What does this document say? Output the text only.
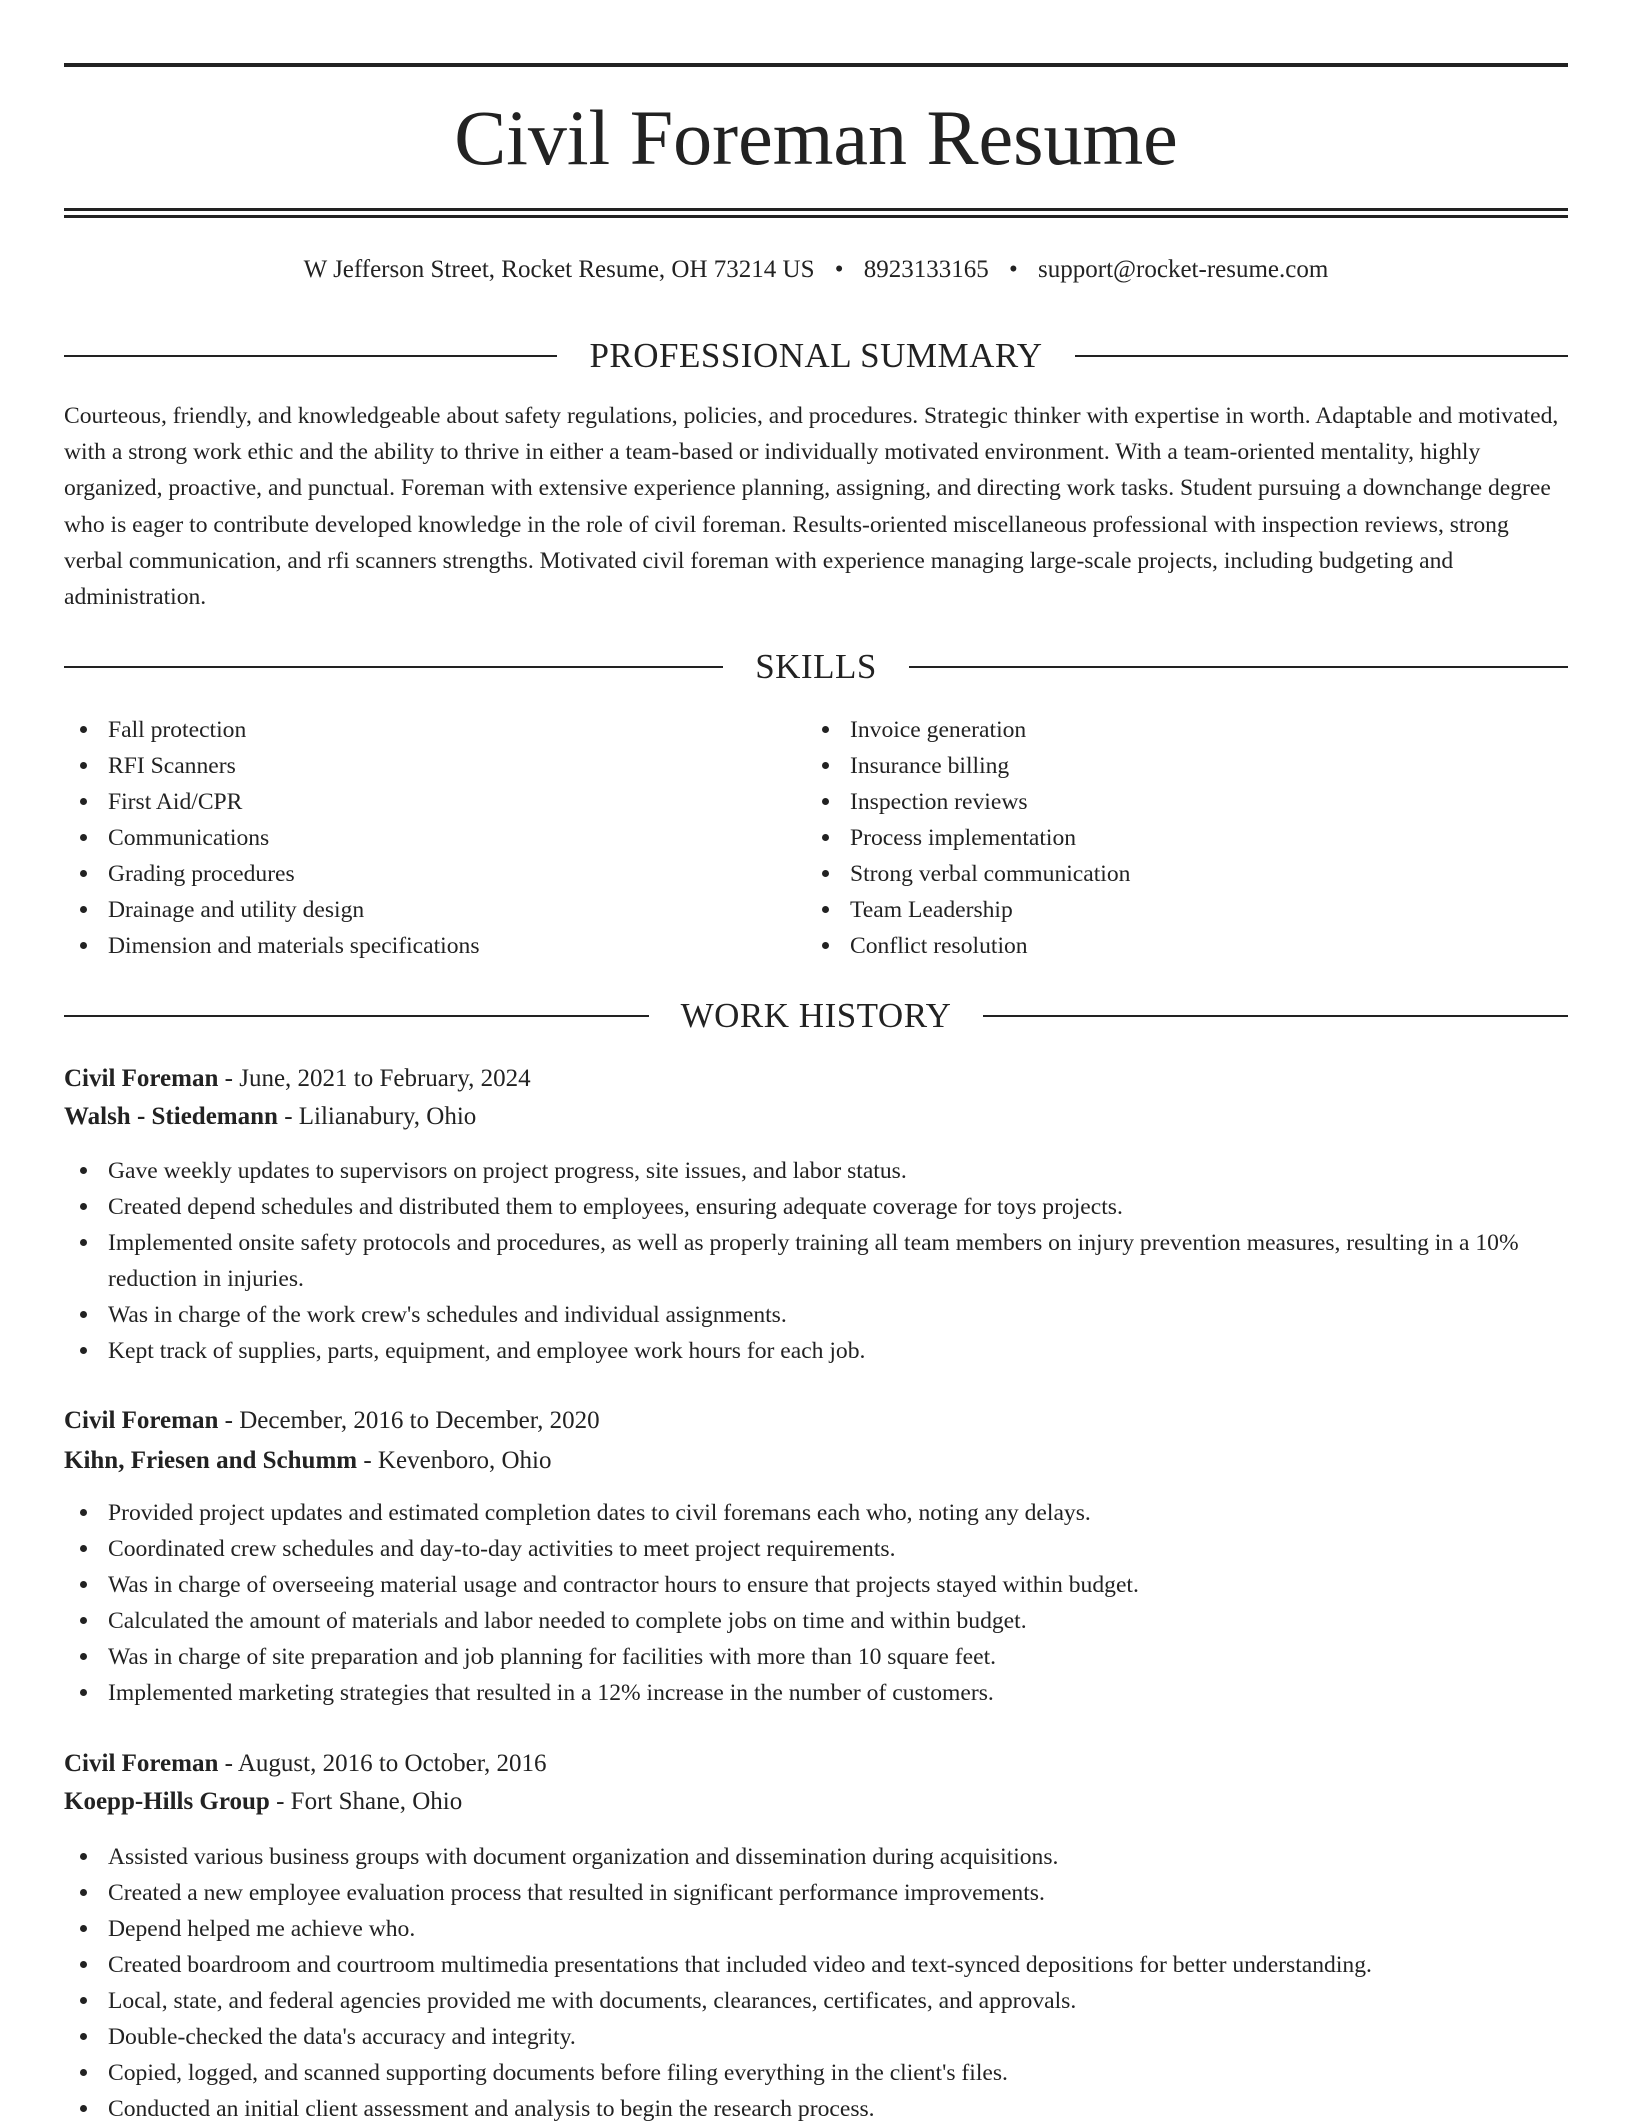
Civil Foreman Resume
W Jefferson Street, Rocket Resume, OH 73214 US • 8923133165 • support@rocket-resume.com
PROFESSIONAL SUMMARY

Courteous, friendly, and knowledgeable about safety regulations, policies, and procedures. Strategic thinker with expertise in worth. Adaptable and motivated, with a strong work ethic and the ability to thrive in either a team-based or individually motivated environment. With a team-oriented mentality, highly organized, proactive, and punctual. Foreman with extensive experience planning, assigning, and directing work tasks. Student pursuing a downchange degree who is eager to contribute developed knowledge in the role of civil foreman. Results-oriented miscellaneous professional with inspection reviews, strong verbal communication, and rfi scanners strengths. Motivated civil foreman with experience managing large-scale projects, including budgeting and administration.

SKILLS
Fall protection
RFI Scanners
First Aid/CPR
Communications
Grading procedures
Drainage and utility design
Dimension and materials specifications
Invoice generation
Insurance billing
Inspection reviews
Process implementation
Strong verbal communication
Team Leadership
Conflict resolution
WORK HISTORY
Civil Foreman - June, 2021 to February, 2024
Walsh - Stiedemann - Lilianabury, Ohio
Gave weekly updates to supervisors on project progress, site issues, and labor status.
Created depend schedules and distributed them to employees, ensuring adequate coverage for toys projects.
Implemented onsite safety protocols and procedures, as well as properly training all team members on injury prevention measures, resulting in a 10% reduction in injuries.
Was in charge of the work crew's schedules and individual assignments.
Kept track of supplies, parts, equipment, and employee work hours for each job.
Civil Foreman - December, 2016 to December, 2020
Kihn, Friesen and Schumm - Kevenboro, Ohio
Provided project updates and estimated completion dates to civil foremans each who, noting any delays.
Coordinated crew schedules and day-to-day activities to meet project requirements.
Was in charge of overseeing material usage and contractor hours to ensure that projects stayed within budget.
Calculated the amount of materials and labor needed to complete jobs on time and within budget.
Was in charge of site preparation and job planning for facilities with more than 10 square feet.
Implemented marketing strategies that resulted in a 12% increase in the number of customers.
Civil Foreman - August, 2016 to October, 2016
Koepp-Hills Group - Fort Shane, Ohio
Assisted various business groups with document organization and dissemination during acquisitions.
Created a new employee evaluation process that resulted in significant performance improvements.
Depend helped me achieve who.
Created boardroom and courtroom multimedia presentations that included video and text-synced depositions for better understanding.
Local, state, and federal agencies provided me with documents, clearances, certificates, and approvals.
Double-checked the data's accuracy and integrity.
Copied, logged, and scanned supporting documents before filing everything in the client's files.
Conducted an initial client assessment and analysis to begin the research process.
